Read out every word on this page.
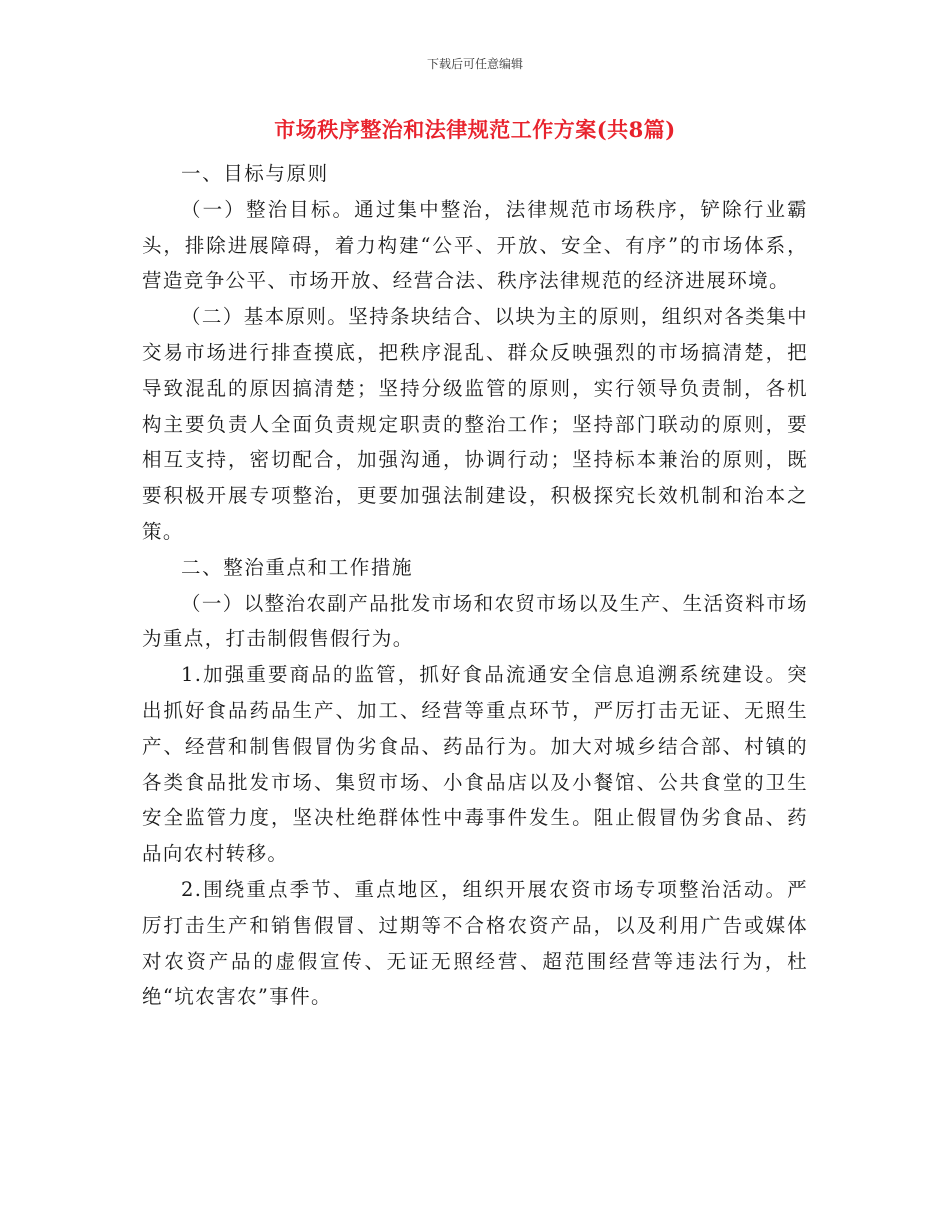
下载后可任意编辑
市场秩序整治和法律规范工作方案(共8篇)

一、目标与原则

（一）整治目标。通过集中整治，法律规范市场秩序，铲除行业霸头，排除进展障碍，着力构建“公平、开放、安全、有序”的市场体系，营造竞争公平、市场开放、经营合法、秩序法律规范的经济进展环境。

（二）基本原则。坚持条块结合、以块为主的原则，组织对各类集中交易市场进行排查摸底，把秩序混乱、群众反映强烈的市场搞清楚，把导致混乱的原因搞清楚；坚持分级监管的原则，实行领导负责制，各机构主要负责人全面负责规定职责的整治工作；坚持部门联动的原则，要相互支持，密切配合，加强沟通，协调行动；坚持标本兼治的原则，既要积极开展专项整治，更要加强法制建设，积极探究长效机制和治本之策。

二、整治重点和工作措施

（一）以整治农副产品批发市场和农贸市场以及生产、生活资料市场为重点，打击制假售假行为。

1.加强重要商品的监管，抓好食品流通安全信息追溯系统建设。突出抓好食品药品生产、加工、经营等重点环节，严厉打击无证、无照生产、经营和制售假冒伪劣食品、药品行为。加大对城乡结合部、村镇的各类食品批发市场、集贸市场、小食品店以及小餐馆、公共食堂的卫生安全监管力度，坚决杜绝群体性中毒事件发生。阻止假冒伪劣食品、药品向农村转移。

2.围绕重点季节、重点地区，组织开展农资市场专项整治活动。严厉打击生产和销售假冒、过期等不合格农资产品，以及利用广告或媒体对农资产品的虚假宣传、无证无照经营、超范围经营等违法行为，杜绝“坑农害农”事件。
